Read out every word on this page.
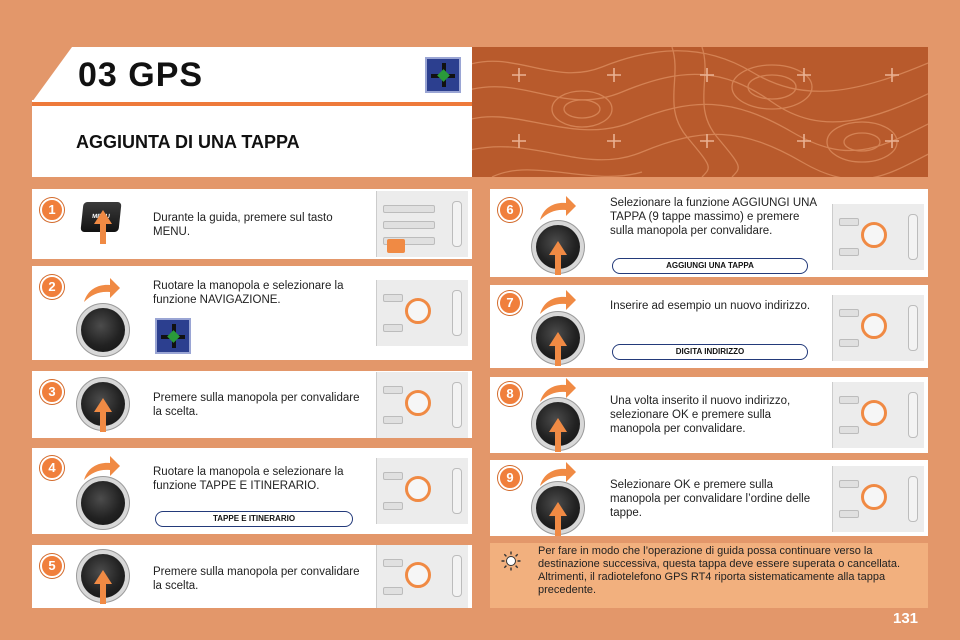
03 GPS
AGGIUNTA DI UNA TAPPA
1	MENU	Durante la guida, premere sul tasto MENU.
2	Ruotare la manopola e selezionare la funzione NAVIGAZIONE.
3	Premere sulla manopola per convalidare la scelta.
4	Ruotare la manopola e selezionare la funzione TAPPE E ITINERARIO.
TAPPE E ITINERARIO
5	Premere sulla manopola per convalidare la scelta.
6	Selezionare la funzione AGGIUNGI UNA TAPPA (9 tappe massimo) e premere sulla manopola per convalidare.
AGGIUNGI UNA TAPPA
7	Inserire ad esempio un nuovo indirizzo.
DIGITA INDIRIZZO
8	Una volta inserito il nuovo indirizzo, selezionare OK e premere sulla manopola per convalidare.
9	Selezionare OK e premere sulla manopola per convalidare l’ordine delle tappe.
Per fare in modo che l’operazione di guida possa continuare verso la destinazione successiva, questa tappa deve essere superata o cancellata.
Altrimenti, il radiotelefono GPS RT4 riporta sistematicamente alla tappa precedente.
131
